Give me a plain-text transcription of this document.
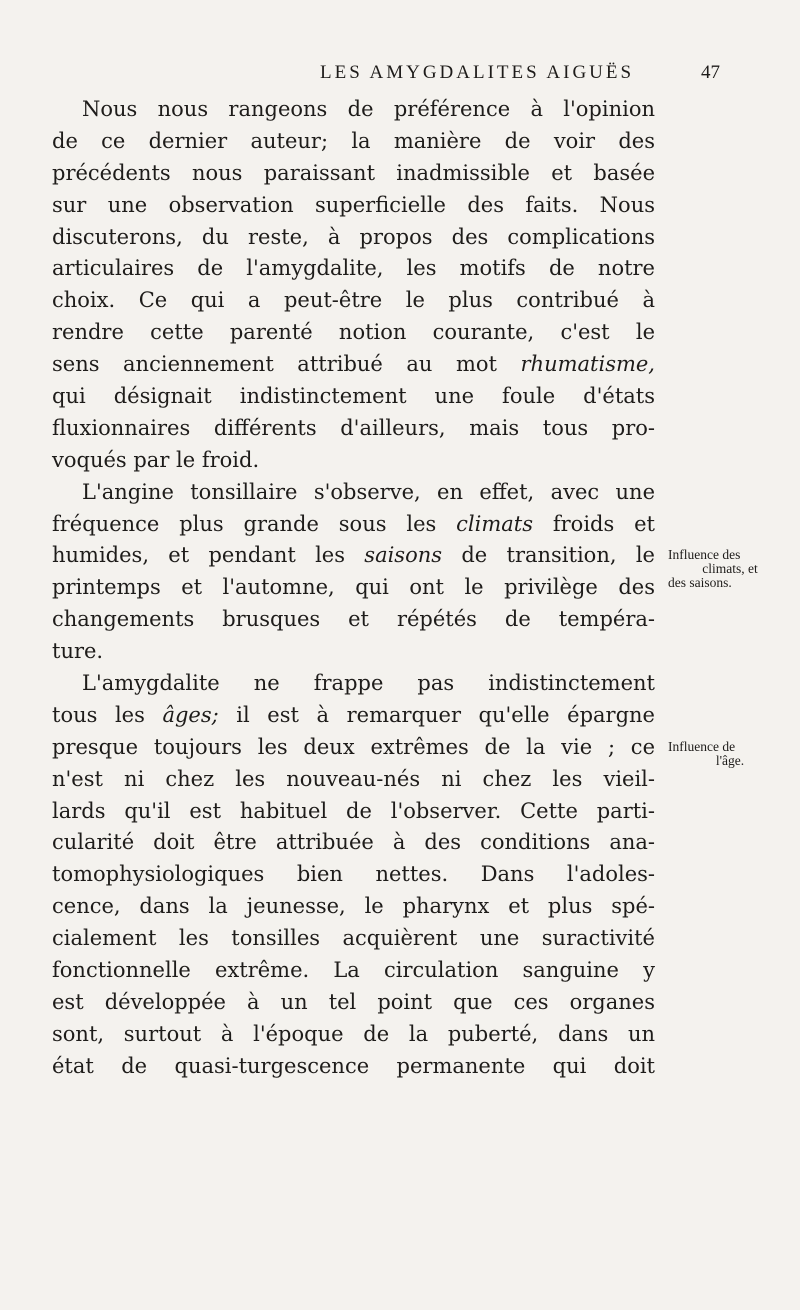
LES AMYGDALITES AIGUËS	47
Nous nous rangeons de préférence à l'opinion
de ce dernier auteur; la manière de voir des
précédents nous paraissant inadmissible et basée
sur une observation superficielle des faits. Nous
discuterons, du reste, à propos des complications
articulaires de l'amygdalite, les motifs de notre
choix. Ce qui a peut-être le plus contribué à
rendre cette parenté notion courante, c'est le
sens anciennement attribué au mot rhumatisme,
qui désignait indistinctement une foule d'états
fluxionnaires différents d'ailleurs, mais tous pro-
voqués par le froid.
L'angine tonsillaire s'observe, en effet, avec une
fréquence plus grande sous les climats froids et
humides, et pendant les saisons de transition, le
printemps et l'automne, qui ont le privilège des
changements brusques et répétés de tempéra-
ture.
L'amygdalite ne frappe pas indistinctement
tous les âges; il est à remarquer qu'elle épargne
presque toujours les deux extrêmes de la vie ; ce
n'est ni chez les nouveau-nés ni chez les vieil-
lards qu'il est habituel de l'observer. Cette parti-
cularité doit être attribuée à des conditions ana-
tomophysiologiques bien nettes. Dans l'adoles-
cence, dans la jeunesse, le pharynx et plus spé-
cialement les tonsilles acquièrent une suractivité
fonctionnelle extrême. La circulation sanguine y
est développée à un tel point que ces organes
sont, surtout à l'époque de la puberté, dans un
état de quasi-turgescence permanente qui doit
Influence des
climats, et
des saisons.
Influence de
l'âge.
